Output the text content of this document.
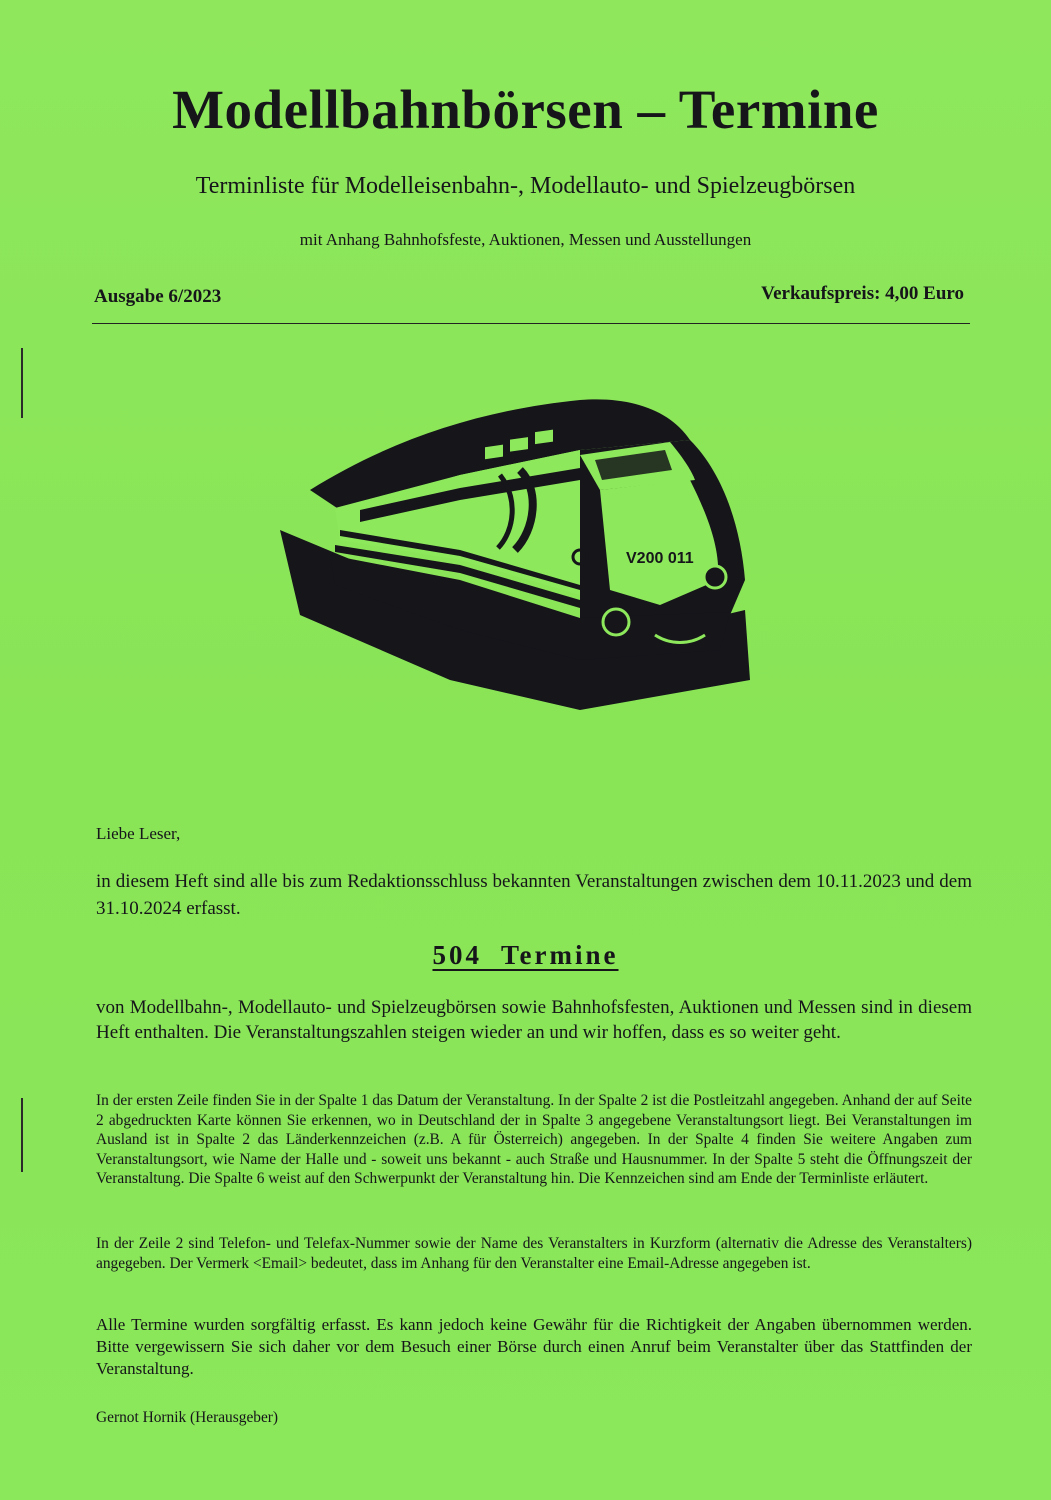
Modellbahnbörsen – Termine
Terminliste für Modelleisenbahn-, Modellauto- und Spielzeugbörsen
mit Anhang Bahnhofsfeste, Auktionen, Messen und Ausstellungen
Ausgabe 6/2023	Verkaufspreis: 4,00 Euro
V200 011
Liebe Leser,
in diesem Heft sind alle bis zum Redaktionsschluss bekannten Veranstaltungen zwischen dem 10.11.2023 und dem 31.10.2024 erfasst.
504  Termine
von Modellbahn-, Modellauto- und Spielzeugbörsen sowie Bahnhofsfesten, Auktionen und Messen sind in diesem Heft enthalten. Die Veranstaltungszahlen steigen wieder an und wir hoffen, dass es so weiter geht.
In der ersten Zeile finden Sie in der Spalte 1 das Datum der Veranstaltung. In der Spalte 2 ist die Postleitzahl angegeben. Anhand der auf Seite 2 abgedruckten Karte können Sie erkennen, wo in Deutschland der in Spalte 3 angegebene Veranstaltungsort liegt. Bei Veranstaltungen im Ausland ist in Spalte 2 das Länderkennzeichen (z.B. A für Österreich) angegeben. In der Spalte 4 finden Sie weitere Angaben zum Veranstaltungsort, wie Name der Halle und - soweit uns bekannt - auch Straße und Hausnummer. In der Spalte 5 steht die Öffnungszeit der Veranstaltung. Die Spalte 6 weist auf den Schwerpunkt der Veranstaltung hin. Die Kennzeichen sind am Ende der Terminliste erläutert.
In der Zeile 2 sind Telefon- und Telefax-Nummer sowie der Name des Veranstalters in Kurzform (alternativ die Adresse des Veranstalters) angegeben. Der Vermerk <Email> bedeutet, dass im Anhang für den Veranstalter eine Email-Adresse angegeben ist.
Alle Termine wurden sorgfältig erfasst. Es kann jedoch keine Gewähr für die Richtigkeit der Angaben übernommen werden. Bitte vergewissern Sie sich daher vor dem Besuch einer Börse durch einen Anruf beim Veranstalter über das Stattfinden der Veranstaltung.
Gernot Hornik (Herausgeber)
